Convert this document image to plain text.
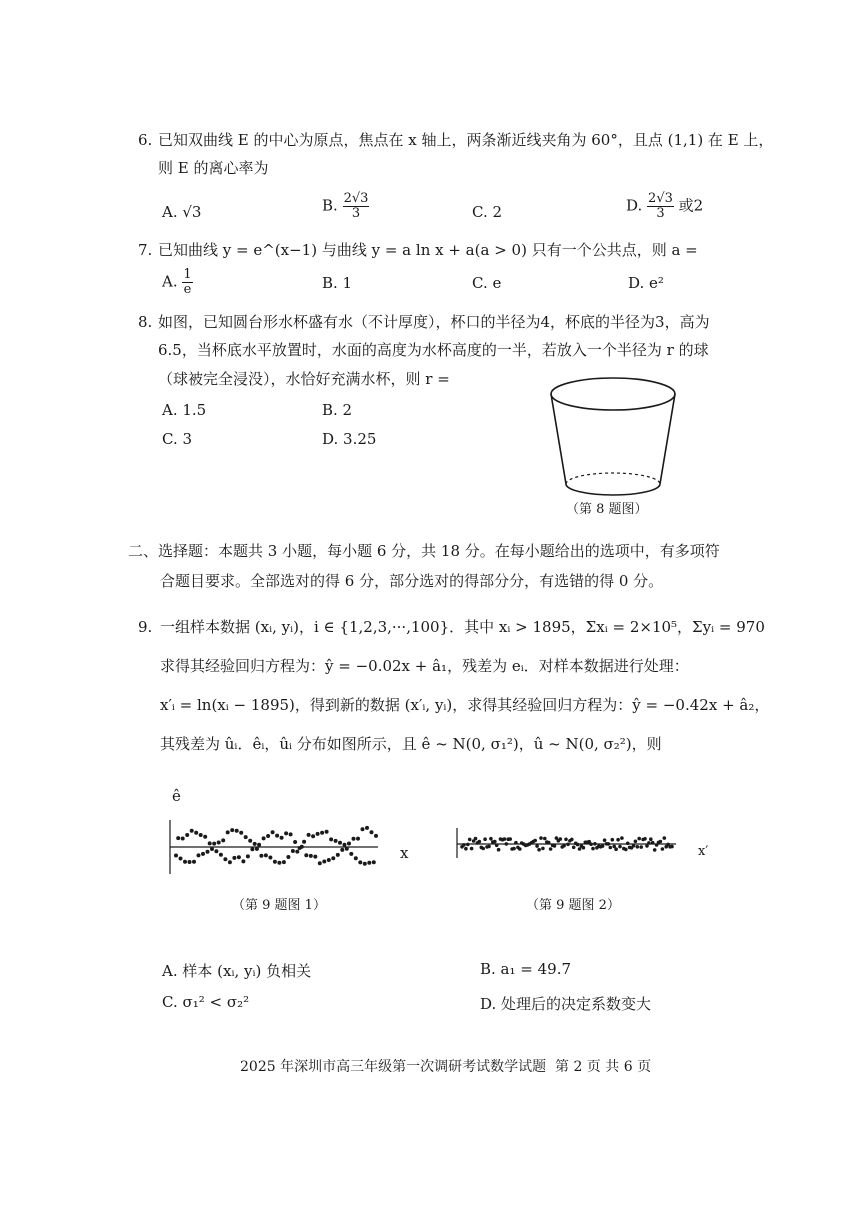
6. 已知双曲线 E 的中心为原点，焦点在 x 轴上，两条渐近线夹角为 60°，且点 (1,1) 在 E 上，
则 E 的离心率为
A. √3	B. $\frac{2√3}{3}$	C. 2	D. $\frac{2√3}{3}$ 或2
7. 已知曲线 y = e^(x−1) 与曲线 y = a ln x + a(a > 0) 只有一个公共点，则 a =
A. $\frac{1}{e}$	B. 1	C. e	D. e²
8. 如图，已知圆台形水杯盛有水（不计厚度），杯口的半径为4，杯底的半径为3，高为
6.5，当杯底水平放置时，水面的高度为水杯高度的一半，若放入一个半径为 r 的球
（球被完全浸没），水恰好充满水杯，则 r =
A. 1.5	B. 2
C. 3	D. 3.25
（第 8 题图）
二、选择题：本题共 3 小题，每小题 6 分，共 18 分。在每小题给出的选项中，有多项符
合题目要求。全部选对的得 6 分，部分选对的得部分分，有选错的得 0 分。
9. 一组样本数据 (xᵢ, yᵢ)，i ∈ {1,2,3,···,100}．其中 xᵢ > 1895，Σxᵢ = 2×10⁵，Σyᵢ = 970
求得其经验回归方程为：ŷ = −0.02x + â₁，残差为 eᵢ．对样本数据进行处理：
x′ᵢ = ln(xᵢ − 1895)，得到新的数据 (x′ᵢ, yᵢ)，求得其经验回归方程为：ŷ = −0.42x + â₂，
其残差为 ûᵢ．êᵢ，ûᵢ 分布如图所示，且 ê ~ N(0, σ₁²)，û ~ N(0, σ₂²)，则
ê
x	x′
（第 9 题图 1）	（第 9 题图 2）
A. 样本 (xᵢ, yᵢ) 负相关	B. a₁ = 49.7
C. σ₁² < σ₂²	D. 处理后的决定系数变大
2025 年深圳市高三年级第一次调研考试数学试题 第 2 页 共 6 页
